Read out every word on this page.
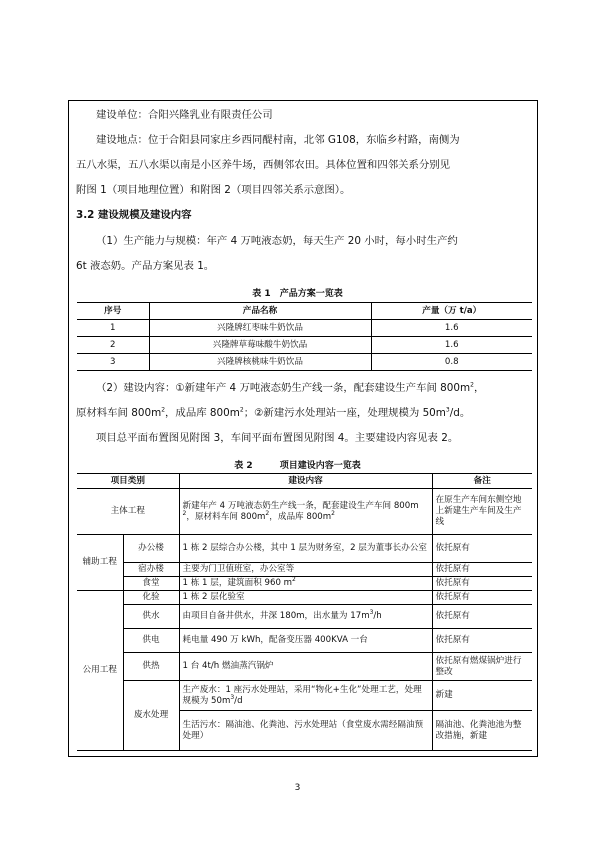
建设单位：合阳兴隆乳业有限责任公司
建设地点：位于合阳县同家庄乡西同醍村南，北邻 G108，东临乡村路，南侧为
五八水渠，五八水渠以南是小区养牛场，西侧邻农田。具体位置和四邻关系分别见
附图 1（项目地理位置）和附图 2（项目四邻关系示意图）。
3.2 建设规模及建设内容
（1）生产能力与规模：年产 4 万吨液态奶，每天生产 20 小时，每小时生产约
6t 液态奶。产品方案见表 1。
表 1　产品方案一览表
序号	产品名称	产量（万 t/a）
1	兴隆牌红枣味牛奶饮品	1.6
2	兴隆牌草莓味酸牛奶饮品	1.6
3	兴隆牌核桃味牛奶饮品	0.8
（2）建设内容：①新建年产 4 万吨液态奶生产线一条，配套建设生产车间 $800m^2$，
原材料车间 $800m^2$，成品库 $800m^2$；②新建污水处理站一座，处理规模为 $50m^3/d$。
项目总平面布置图见附图 3，车间平面布置图见附图 4。主要建设内容见表 2。
表 2　　　项目建设内容一览表
项目类别		建设内容	备注
主体工程		新建年产 4 万吨液态奶生产线一条，配套建设生产车间 $800m^2$，原材料车间 $800m^2$，成品库 $800m^2$	在原生产车间东侧空地上新建生产车间及生产线
辅助工程	办公楼	1 栋 2 层综合办公楼，其中 1 层为财务室，2 层为董事长办公室	依托原有
	宿办楼	主要为门卫值班室，办公室等	依托原有
	食堂	1 栋 1 层，建筑面积 960 $m^2$	依托原有
公用工程	化验	1 栋 2 层化验室	依托原有
	供水	由项目自备井供水，井深 180m，出水量为 $17m^3/h$	依托原有
	供电	耗电量 490 万 kWh，配备变压器 400KVA 一台	依托原有
	供热	1 台 4t/h 燃油蒸汽锅炉	依托原有燃煤锅炉进行整改
	废水处理	生产废水：1 座污水处理站，采用“物化+生化”处理工艺，处理规模为 $50m^3/d$	新建
		生活污水：隔油池、化粪池、污水处理站（食堂废水需经隔油预处理）	隔油池、化粪池池为整改措施，新建
3
